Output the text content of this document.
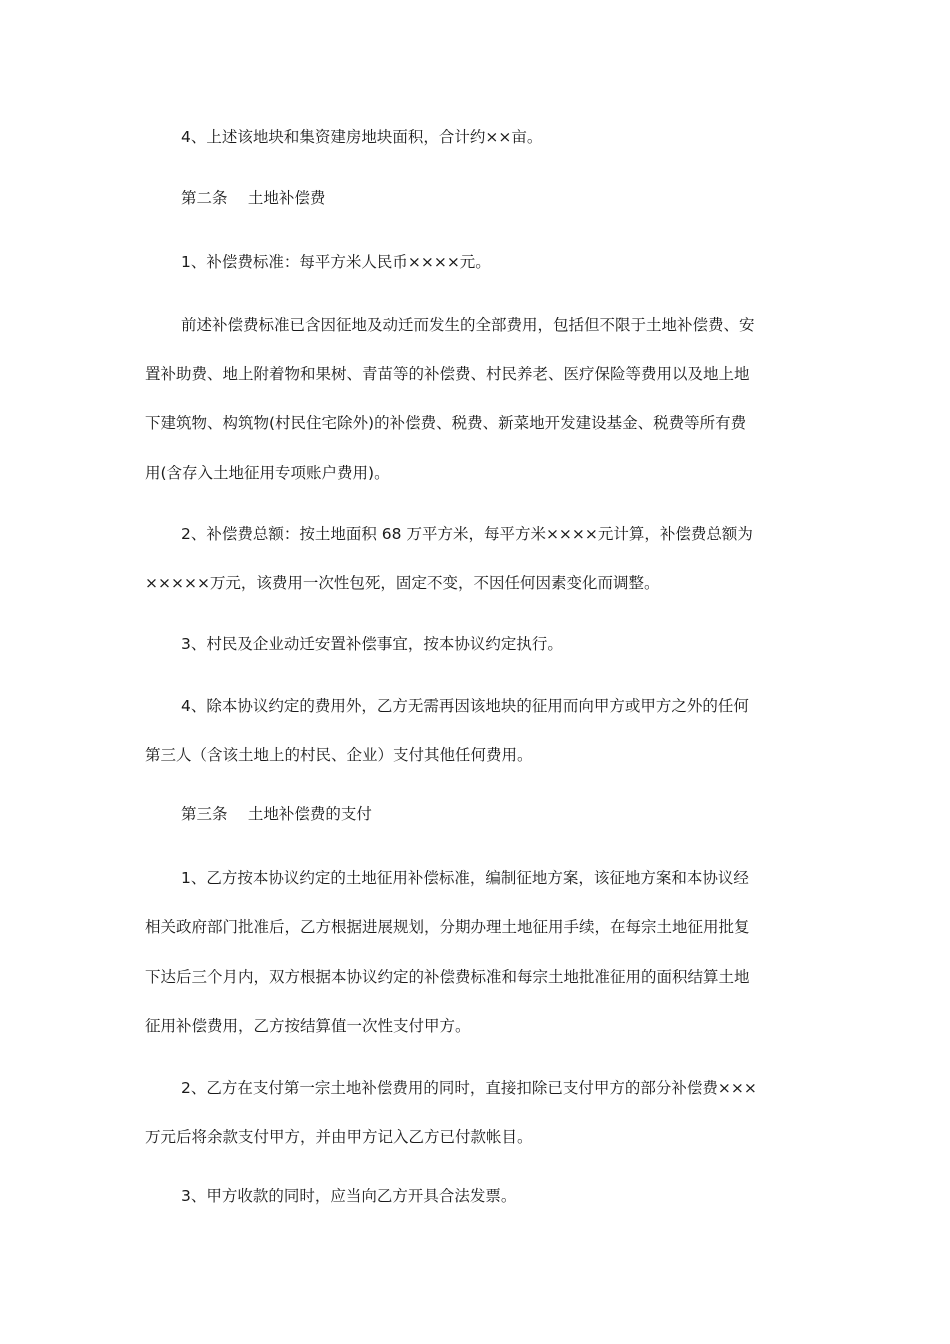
4、上述该地块和集资建房地块面积，合计约××亩。

第二条　 土地补偿费

1、补偿费标准：每平方米人民币××××元。

前述补偿费标准已含因征地及动迁而发生的全部费用，包括但不限于土地补偿费、安

置补助费、地上附着物和果树、青苗等的补偿费、村民养老、医疗保险等费用以及地上地

下建筑物、构筑物(村民住宅除外)的补偿费、税费、新菜地开发建设基金、税费等所有费

用(含存入土地征用专项账户费用)。

2、补偿费总额：按土地面积 68 万平方米，每平方米××××元计算，补偿费总额为

×××××万元，该费用一次性包死，固定不变，不因任何因素变化而调整。

3、村民及企业动迁安置补偿事宜，按本协议约定执行。

4、除本协议约定的费用外，乙方无需再因该地块的征用而向甲方或甲方之外的任何

第三人（含该土地上的村民、企业）支付其他任何费用。

第三条　 土地补偿费的支付

1、乙方按本协议约定的土地征用补偿标准，编制征地方案，该征地方案和本协议经

相关政府部门批准后，乙方根据进展规划，分期办理土地征用手续，在每宗土地征用批复

下达后三个月内，双方根据本协议约定的补偿费标准和每宗土地批准征用的面积结算土地

征用补偿费用，乙方按结算值一次性支付甲方。

2、乙方在支付第一宗土地补偿费用的同时，直接扣除已支付甲方的部分补偿费×××

万元后将余款支付甲方，并由甲方记入乙方已付款帐目。

3、甲方收款的同时，应当向乙方开具合法发票。
